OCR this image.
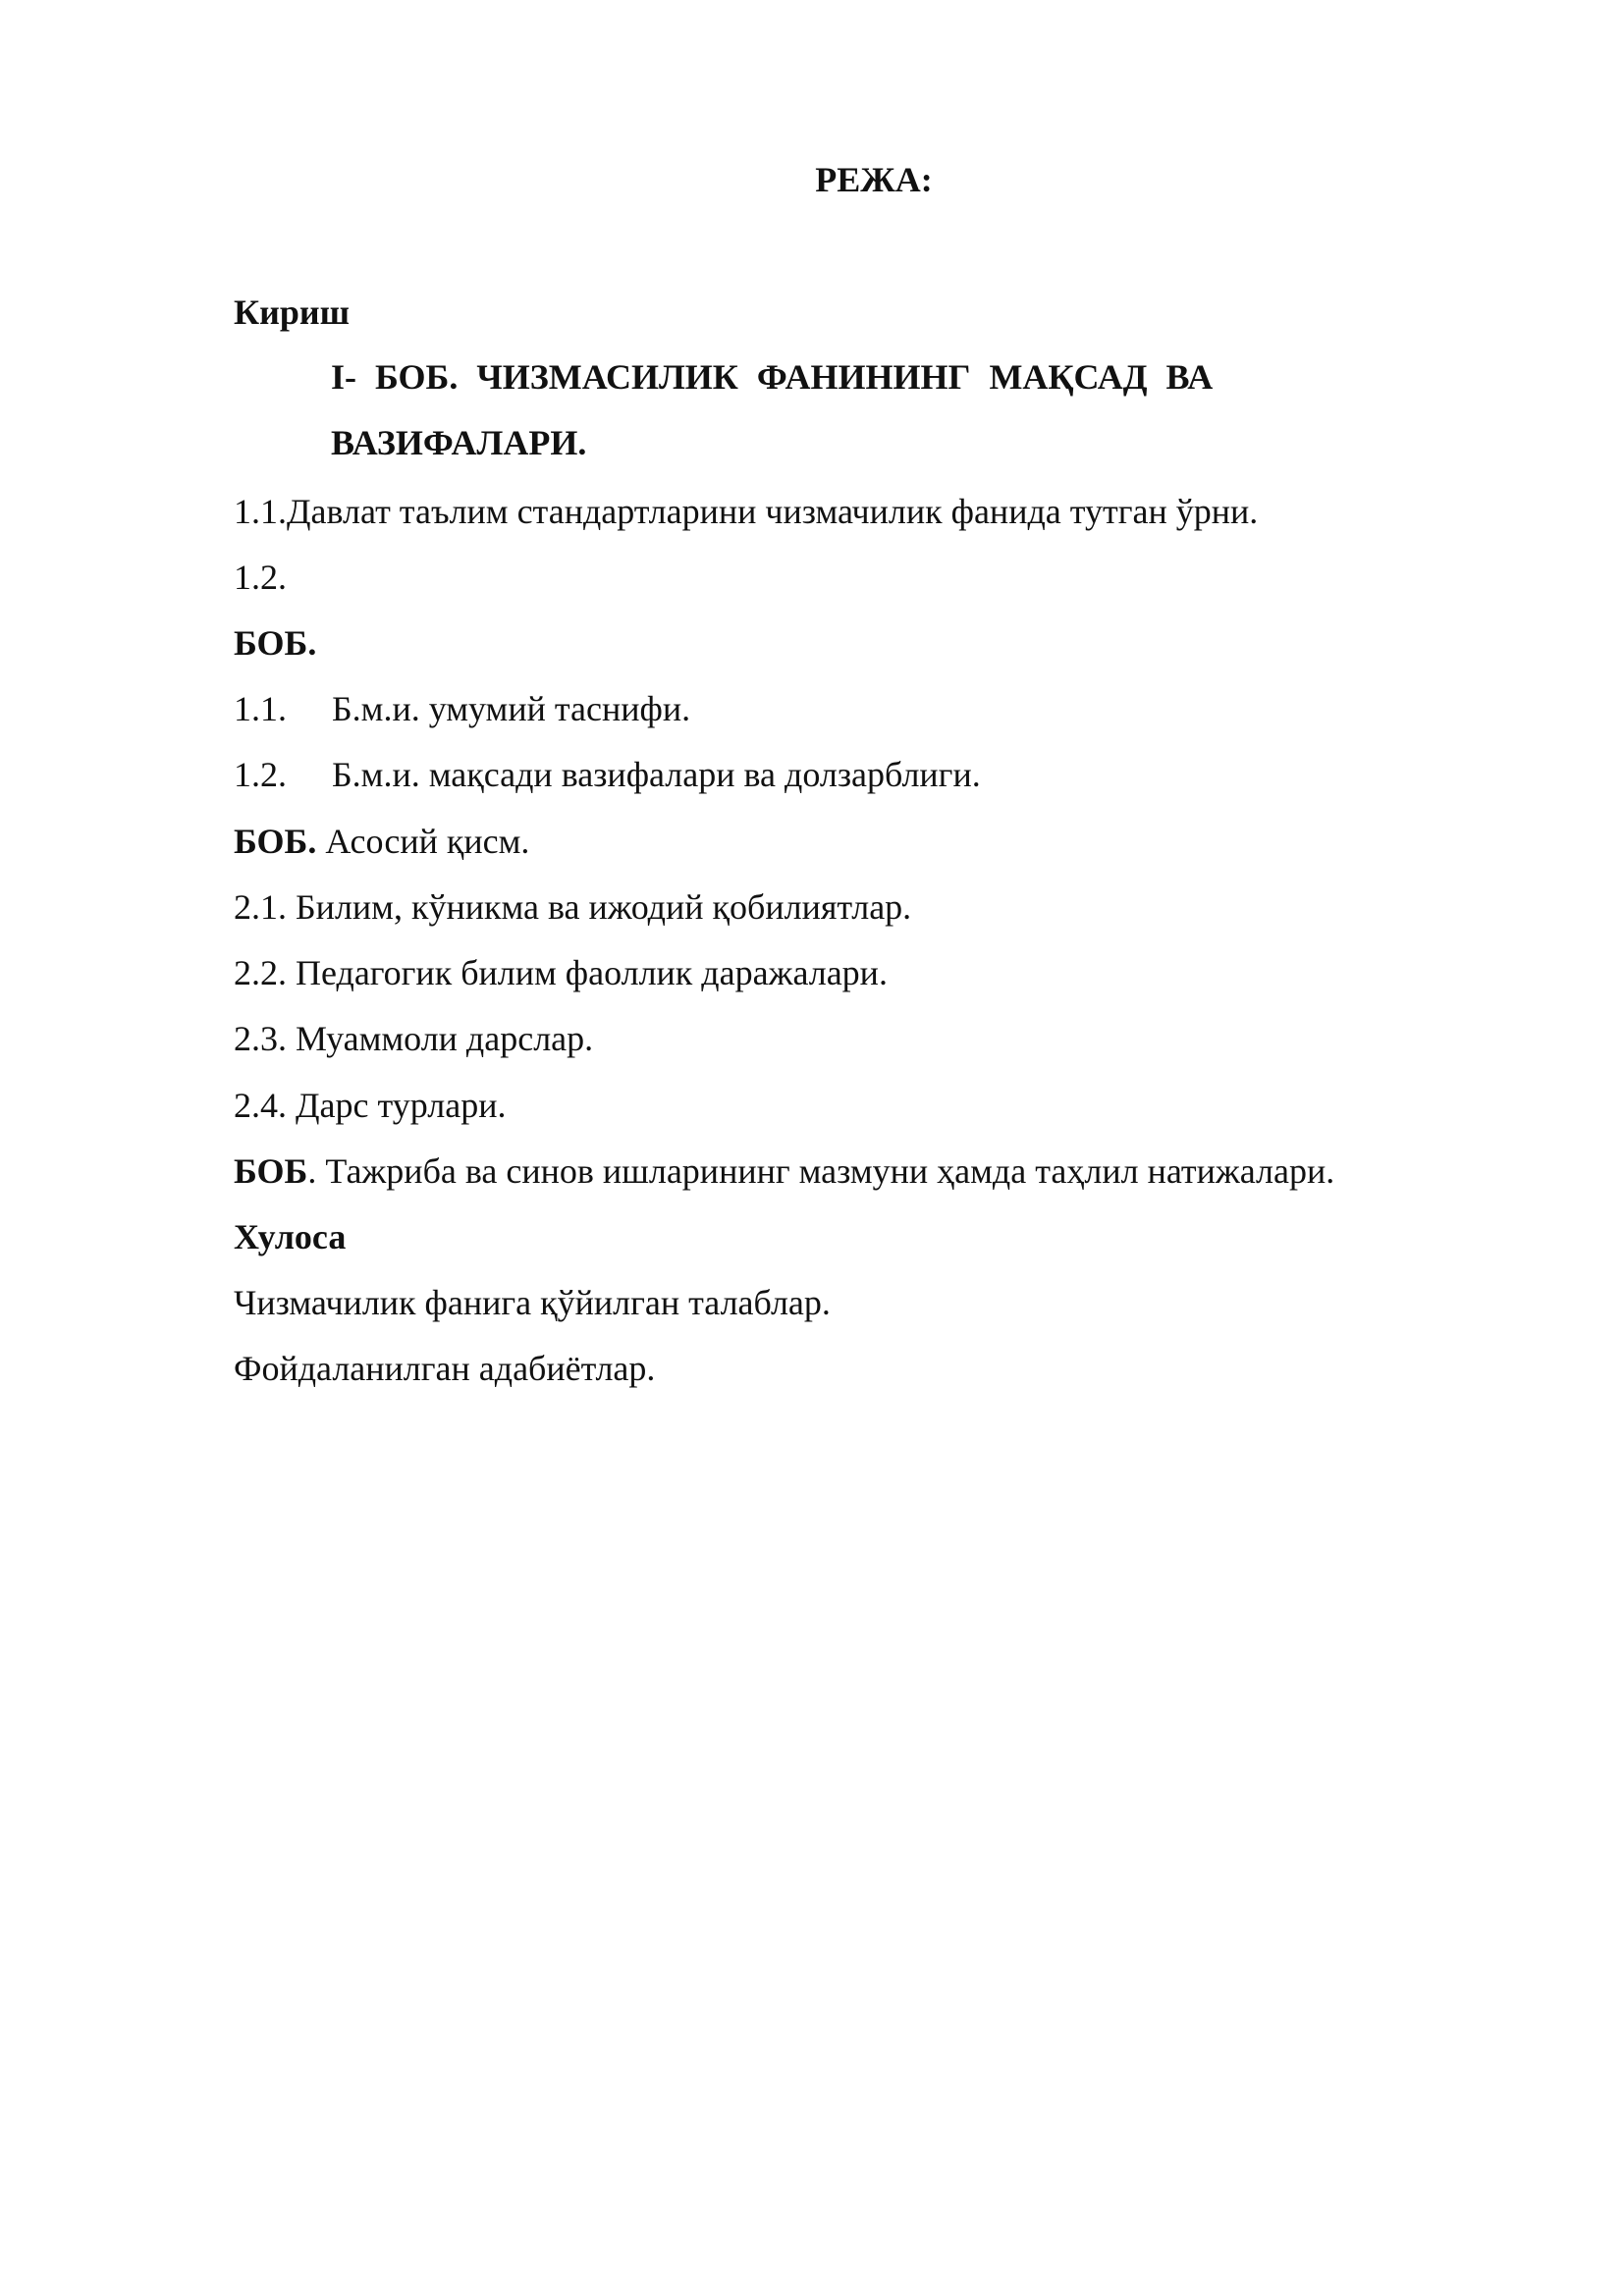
РЕЖА:
Кириш
I- БОБ. ЧИЗМАСИЛИК ФАНИНИНГ МАҚСАД ВА
ВАЗИФАЛАРИ.
1.1.Давлат таълим стандартларини чизмачилик фанида тутган ўрни.
1.2.
БОБ.
1.1. Б.м.и. умумий таснифи.
1.2. Б.м.и. мақсади вазифалари ва долзарблиги.
БОБ. Асосий қисм.
2.1. Билим, кўникма ва ижодий қобилиятлар.
2.2. Педагогик билим фаоллик даражалари.
2.3. Муаммоли дарслар.
2.4. Дарс турлари.
БОБ. Тажриба ва синов ишларининг мазмуни ҳамда таҳлил натижалари.
Хулоса
Чизмачилик фанига қўйилган талаблар.
Фойдаланилган адабиётлар.
